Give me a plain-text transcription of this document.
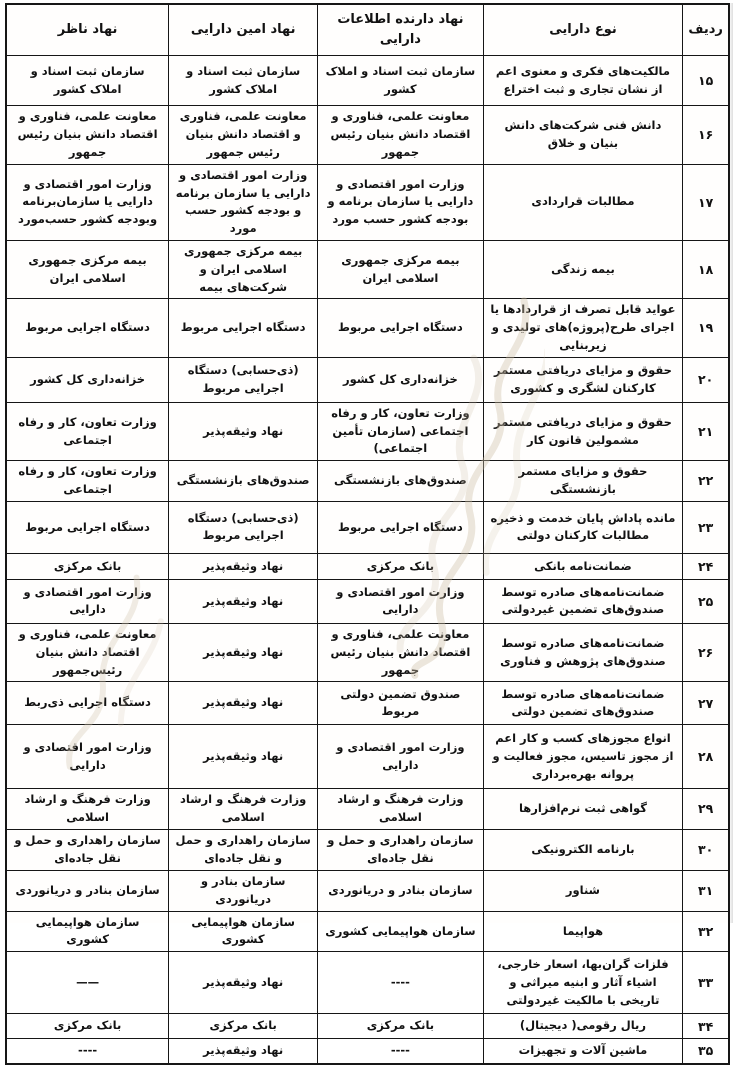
ردیف	نوع دارایی	نهاد دارنده اطلاعات دارایی	نهاد امین دارایی	نهاد ناظر
۱۵	مالکیت‌های فکری و معنوی اعم از نشان تجاری و ثبت اختراع	سازمان ثبت اسناد و املاک کشور	سازمان ثبت اسناد و املاک کشور	سازمان ثبت اسناد و املاک کشور
۱۶	دانش فنی شرکت‌های دانش بنیان و خلاق	معاونت علمی، فناوری و اقتصاد دانش بنیان رئیس جمهور	معاونت علمی، فناوری و اقتصاد دانش بنیان رئیس جمهور	معاونت علمی، فناوری و اقتصاد دانش بنیان رئیس جمهور
۱۷	مطالبات قراردادی	وزارت امور اقتصادی و دارایی یا سازمان برنامه و بودجه کشور حسب مورد	وزارت امور اقتصادی و دارایی یا سازمان برنامه و بودجه کشور حسب مورد	وزارت امور اقتصادی و دارایی یا سازمان‌برنامه وبودجه کشور حسب‌مورد
۱۸	بیمه زندگی	بیمه مرکزی جمهوری اسلامی ایران	بیمه مرکزی جمهوری اسلامی ایران و شرکت‌های بیمه	بیمه مرکزی جمهوری اسلامی ایران
۱۹	عواید قابل تصرف از قراردادها یا اجرای طرح(پروژه)های تولیدی و زیربنایی	دستگاه اجرایی مربوط	دستگاه اجرایی مربوط	دستگاه اجرایی مربوط
۲۰	حقوق و مزایای دریافتی مستمر کارکنان لشگری و کشوری	خزانه‌داری کل کشور	(ذی‌حسابی) دستگاه اجرایی مربوط	خزانه‌داری کل کشور
۲۱	حقوق و مزایای دریافتی مستمر مشمولین قانون کار	وزارت تعاون، کار و رفاه اجتماعی (سازمان تأمین اجتماعی)	نهاد وثیقه‌پذیر	وزارت تعاون، کار و رفاه اجتماعی
۲۲	حقوق و مزایای مستمر بازنشستگی	صندوق‌های بازنشستگی	صندوق‌های بازنشستگی	وزارت تعاون، کار و رفاه اجتماعی
۲۳	مانده پاداش پایان خدمت و ذخیره مطالبات کارکنان دولتی	دستگاه اجرایی مربوط	(ذی‌حسابی) دستگاه اجرایی مربوط	دستگاه اجرایی مربوط
۲۴	ضمانت‌نامه بانکی	بانک مرکزی	نهاد وثیقه‌پذیر	بانک مرکزی
۲۵	ضمانت‌نامه‌های صادره توسط صندوق‌های تضمین غیردولتی	وزارت امور اقتصادی و دارایی	نهاد وثیقه‌پذیر	وزارت امور اقتصادی و دارایی
۲۶	ضمانت‌نامه‌های صادره توسط صندوق‌های پژوهش و فناوری	معاونت علمی، فناوری و اقتصاد دانش بنیان رئیس جمهور	نهاد وثیقه‌پذیر	معاونت علمی، فناوری و اقتصاد دانش بنیان رئیس‌جمهور
۲۷	ضمانت‌نامه‌های صادره توسط صندوق‌های تضمین دولتی	صندوق تضمین دولتی مربوط	نهاد وثیقه‌پذیر	دستگاه اجرایی ذی‌ربط
۲۸	انواع مجوزهای کسب و کار اعم از مجوز تاسیس، مجوز فعالیت و پروانه بهره‌برداری	وزارت امور اقتصادی و دارایی	نهاد وثیقه‌پذیر	وزارت امور اقتصادی و دارایی
۲۹	گواهی ثبت نرم‌افزارها	وزارت فرهنگ و ارشاد اسلامی	وزارت فرهنگ و ارشاد اسلامی	وزارت فرهنگ و ارشاد اسلامی
۳۰	بارنامه الکترونیکی	سازمان راهداری و حمل و نقل جاده‌ای	سازمان راهداری و حمل و نقل جاده‌ای	سازمان راهداری و حمل و نقل جاده‌ای
۳۱	شناور	سازمان بنادر و دریانوردی	سازمان بنادر و دریانوردی	سازمان بنادر و دریانوردی
۳۲	هواپیما	سازمان هواپیمایی کشوری	سازمان هواپیمایی کشوری	سازمان هواپیمایی کشوری
۳۳	فلزات گران‌بها، اسعار خارجی، اشیاء آثار و ابنیه میراثی و تاریخی با مالکیت غیردولتی	----	نهاد وثیقه‌پذیر	——
۳۴	ریال رقومی( دیجیتال)	بانک مرکزی	بانک مرکزی	بانک مرکزی
۳۵	ماشین آلات و تجهیزات	----	نهاد وثیقه‌پذیر	----
